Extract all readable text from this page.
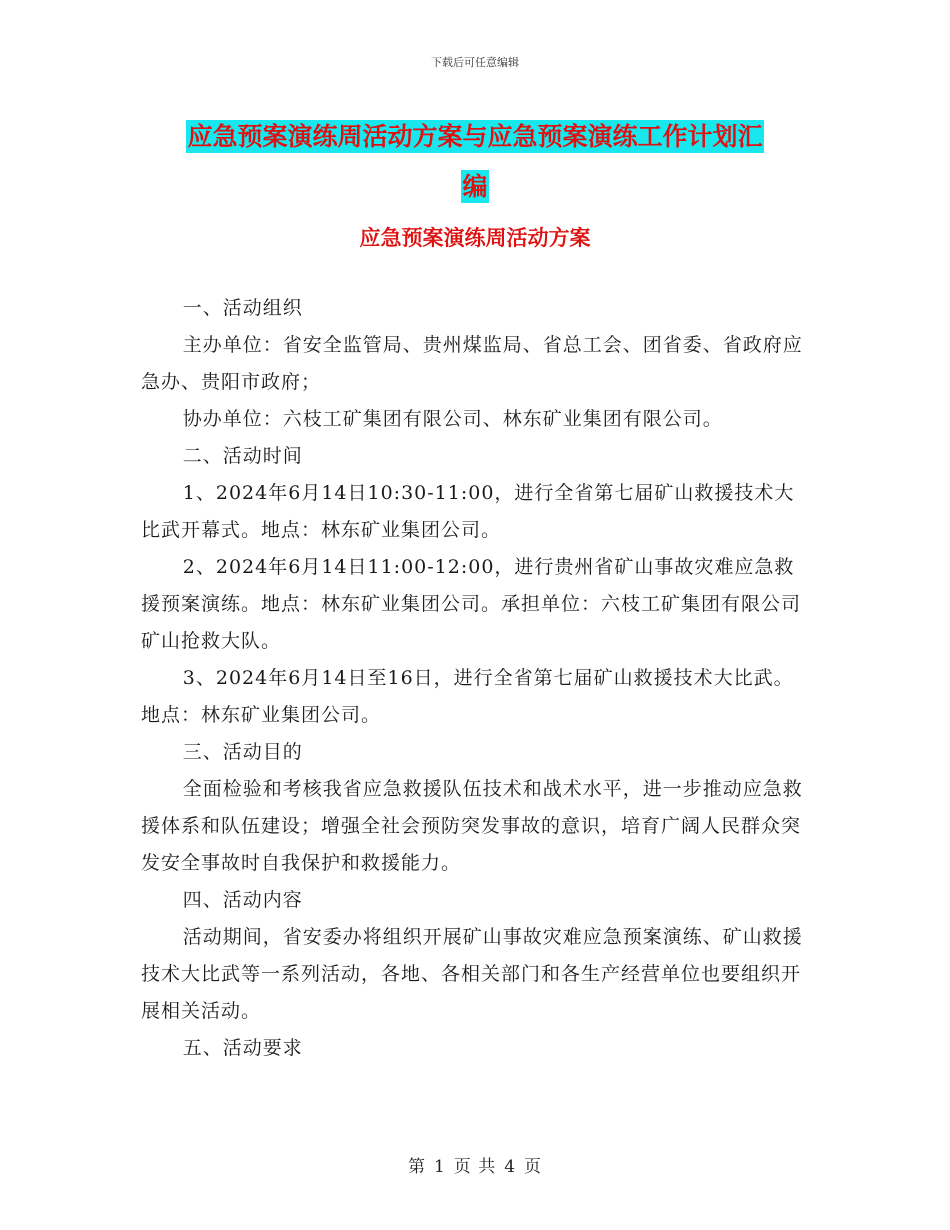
下载后可任意编辑
应急预案演练周活动方案与应急预案演练工作计划汇
编
应急预案演练周活动方案

一、活动组织

主办单位：省安全监管局、贵州煤监局、省总工会、团省委、省政府应急办、贵阳市政府；

协办单位：六枝工矿集团有限公司、林东矿业集团有限公司。

二、活动时间

1、2024年6月14日10:30-11:00，进行全省第七届矿山救援技术大比武开幕式。地点：林东矿业集团公司。

2、2024年6月14日11:00-12:00，进行贵州省矿山事故灾难应急救援预案演练。地点：林东矿业集团公司。承担单位：六枝工矿集团有限公司矿山抢救大队。

3、2024年6月14日至16日，进行全省第七届矿山救援技术大比武。地点：林东矿业集团公司。

三、活动目的

全面检验和考核我省应急救援队伍技术和战术水平，进一步推动应急救援体系和队伍建设；增强全社会预防突发事故的意识，培育广阔人民群众突发安全事故时自我保护和救援能力。

四、活动内容

活动期间，省安委办将组织开展矿山事故灾难应急预案演练、矿山救援技术大比武等一系列活动，各地、各相关部门和各生产经营单位也要组织开展相关活动。

五、活动要求

第 1 页 共 4 页
